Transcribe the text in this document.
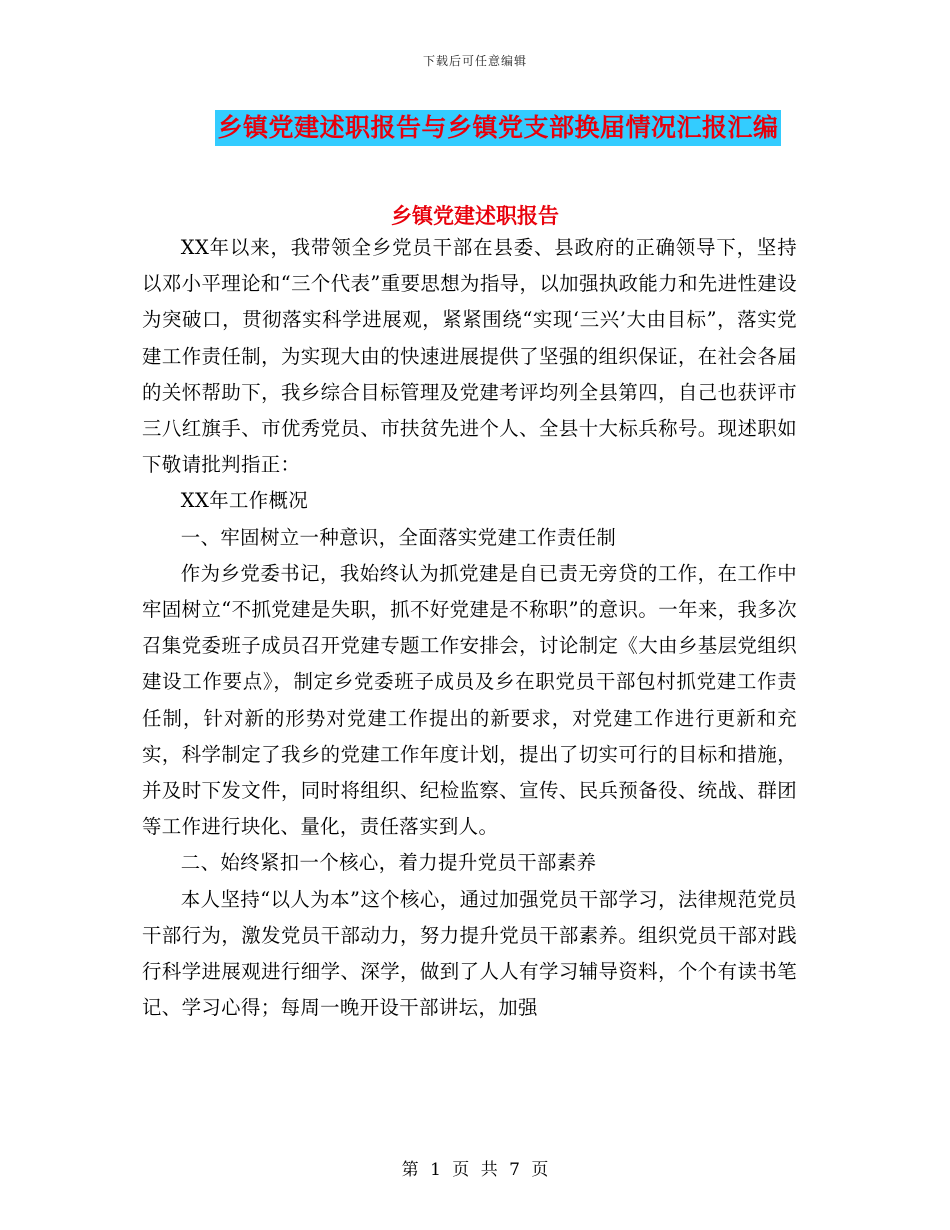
下载后可任意编辑
乡镇党建述职报告与乡镇党支部换届情况汇报汇编
乡镇党建述职报告

XX年以来，我带领全乡党员干部在县委、县政府的正确领导下，坚持以邓小平理论和“三个代表”重要思想为指导，以加强执政能力和先进性建设为突破口，贯彻落实科学进展观，紧紧围绕“实现‘三兴’大由目标”，落实党建工作责任制，为实现大由的快速进展提供了坚强的组织保证，在社会各届的关怀帮助下，我乡综合目标管理及党建考评均列全县第四，自己也获评市三八红旗手、市优秀党员、市扶贫先进个人、全县十大标兵称号。现述职如下敬请批判指正：

XX年工作概况

一、牢固树立一种意识，全面落实党建工作责任制

作为乡党委书记，我始终认为抓党建是自已责无旁贷的工作，在工作中牢固树立“不抓党建是失职，抓不好党建是不称职”的意识。一年来，我多次召集党委班子成员召开党建专题工作安排会，讨论制定《大由乡基层党组织建设工作要点》，制定乡党委班子成员及乡在职党员干部包村抓党建工作责任制，针对新的形势对党建工作提出的新要求，对党建工作进行更新和充实，科学制定了我乡的党建工作年度计划，提出了切实可行的目标和措施，并及时下发文件，同时将组织、纪检监察、宣传、民兵预备役、统战、群团等工作进行块化、量化，责任落实到人。

二、始终紧扣一个核心，着力提升党员干部素养

本人坚持“以人为本”这个核心，通过加强党员干部学习，法律规范党员干部行为，激发党员干部动力，努力提升党员干部素养。组织党员干部对践行科学进展观进行细学、深学，做到了人人有学习辅导资料，个个有读书笔记、学习心得；每周一晚开设干部讲坛，加强

第 1 页 共 7 页
